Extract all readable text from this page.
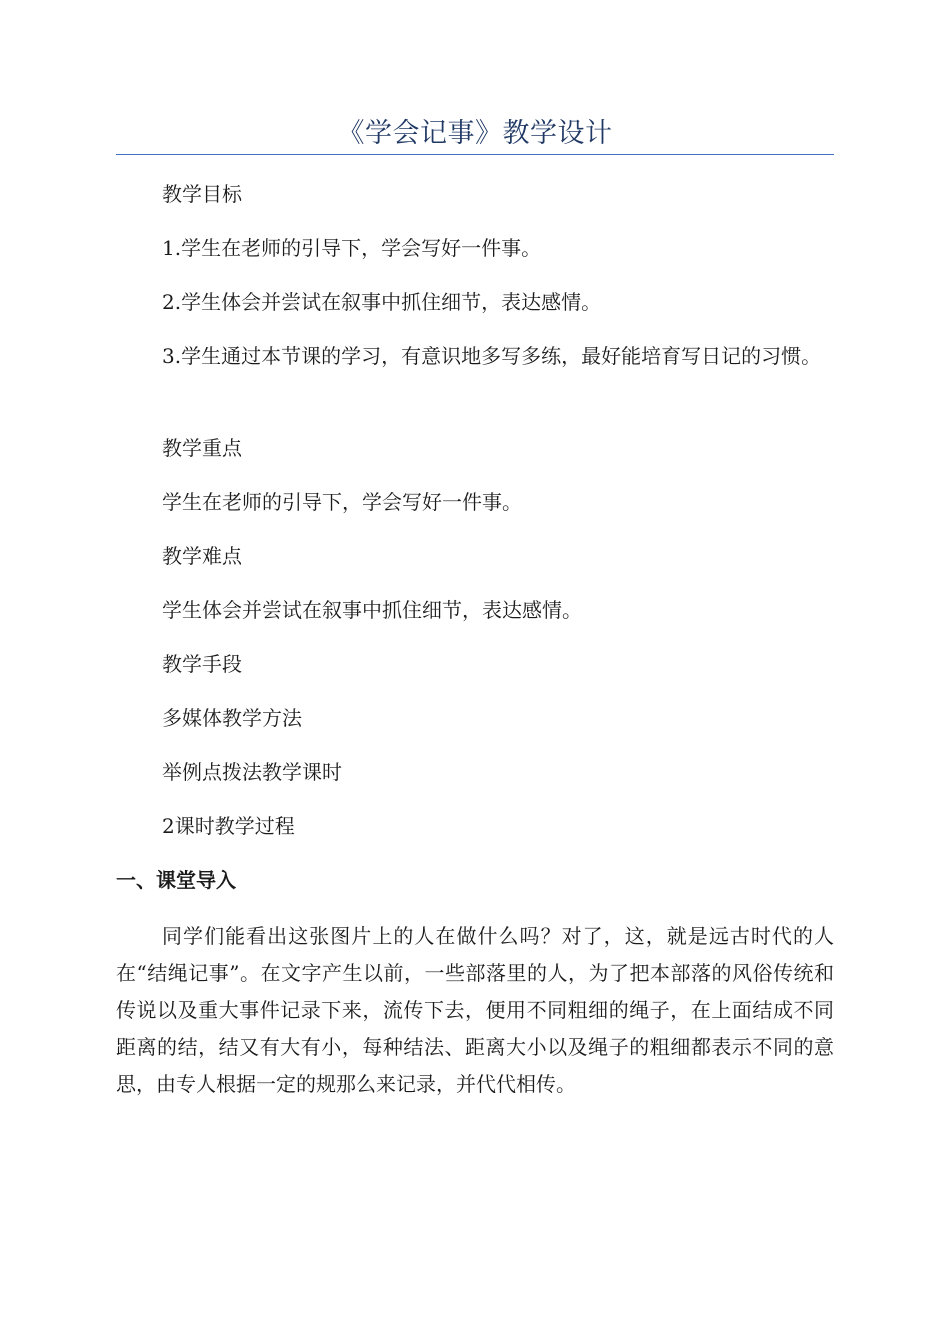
《学会记事》教学设计
教学目标
1.学生在老师的引导下，学会写好一件事。
2.学生体会并尝试在叙事中抓住细节，表达感情。
3.学生通过本节课的学习，有意识地多写多练，最好能培育写日记的习惯。
教学重点
学生在老师的引导下，学会写好一件事。
教学难点
学生体会并尝试在叙事中抓住细节，表达感情。
教学手段
多媒体教学方法
举例点拨法教学课时
2课时教学过程
一、课堂导入
同学们能看出这张图片上的人在做什么吗？对了，这，就是远古时代的人在“结绳记事”。在文字产生以前，一些部落里的人，为了把本部落的风俗传统和传说以及重大事件记录下来，流传下去，便用不同粗细的绳子，在上面结成不同距离的结，结又有大有小，每种结法、距离大小以及绳子的粗细都表示不同的意思，由专人根据一定的规那么来记录，并代代相传。
